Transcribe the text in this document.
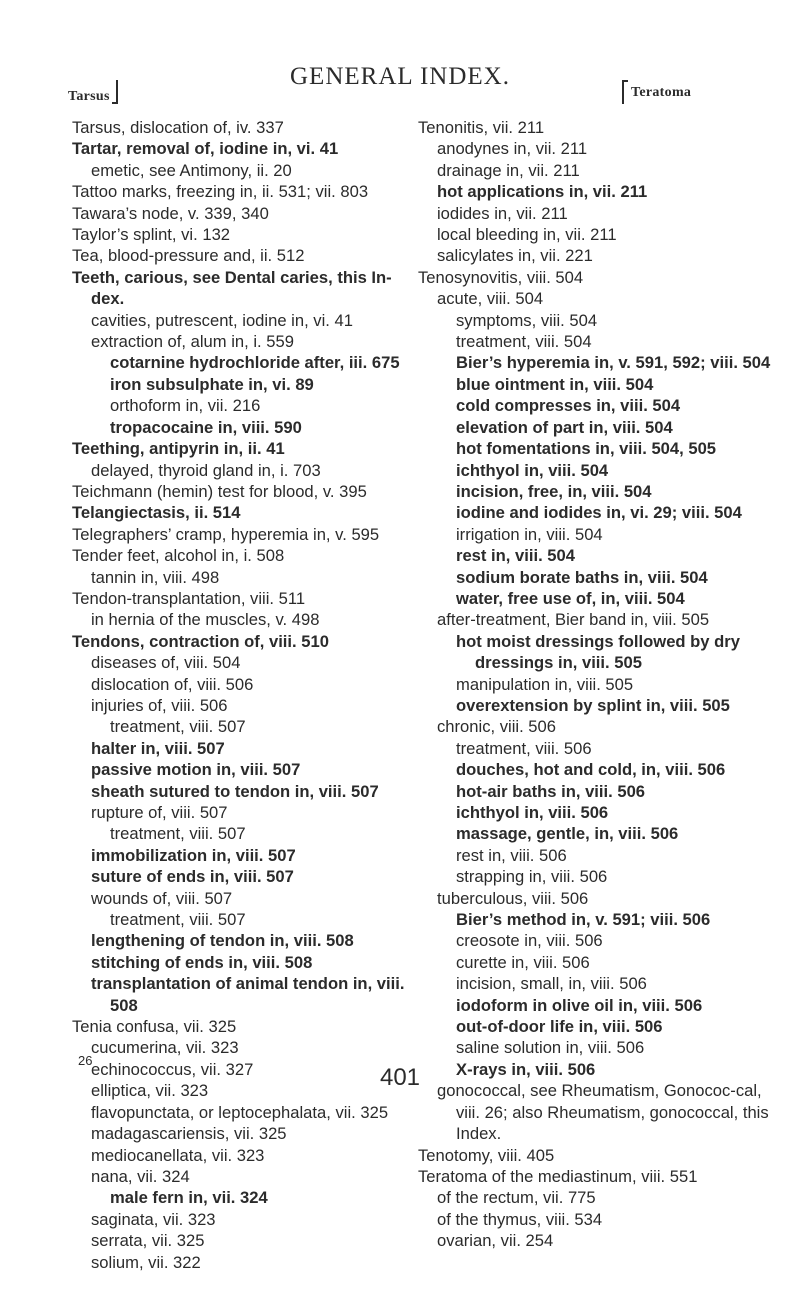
Tarsus
GENERAL INDEX.
Teratoma

Tarsus, dislocation of, iv. 337

Tartar, removal of, iodine in, vi. 41

emetic, see Antimony, ii. 20

Tattoo marks, freezing in, ii. 531; vii. 803

Tawara’s node, v. 339, 340

Taylor’s splint, vi. 132

Tea, blood-pressure and, ii. 512

Teeth, carious, see Dental caries, this In-dex.

cavities, putrescent, iodine in, vi. 41

extraction of, alum in, i. 559

cotarnine hydrochloride after, iii. 675

iron subsulphate in, vi. 89

orthoform in, vii. 216

tropacocaine in, viii. 590

Teething, antipyrin in, ii. 41

delayed, thyroid gland in, i. 703

Teichmann (hemin) test for blood, v. 395

Telangiectasis, ii. 514

Telegraphers’ cramp, hyperemia in, v. 595

Tender feet, alcohol in, i. 508

tannin in, viii. 498

Tendon-transplantation, viii. 511

in hernia of the muscles, v. 498

Tendons, contraction of, viii. 510

diseases of, viii. 504

dislocation of, viii. 506

injuries of, viii. 506

treatment, viii. 507

halter in, viii. 507

passive motion in, viii. 507

sheath sutured to tendon in, viii. 507

rupture of, viii. 507

treatment, viii. 507

immobilization in, viii. 507

suture of ends in, viii. 507

wounds of, viii. 507

treatment, viii. 507

lengthening of tendon in, viii. 508

stitching of ends in, viii. 508

transplantation of animal tendon in, viii. 508

Tenia confusa, vii. 325

cucumerina, vii. 323

echinococcus, vii. 327

elliptica, vii. 323

flavopunctata, or leptocephalata, vii. 325

madagascariensis, vii. 325

mediocanellata, vii. 323

nana, vii. 324

male fern in, vii. 324

saginata, vii. 323

serrata, vii. 325

solium, vii. 322

Tenonitis, vii. 211

anodynes in, vii. 211

drainage in, vii. 211

hot applications in, vii. 211

iodides in, vii. 211

local bleeding in, vii. 211

salicylates in, vii. 221

Tenosynovitis, viii. 504

acute, viii. 504

symptoms, viii. 504

treatment, viii. 504

Bier’s hyperemia in, v. 591, 592; viii. 504

blue ointment in, viii. 504

cold compresses in, viii. 504

elevation of part in, viii. 504

hot fomentations in, viii. 504, 505

ichthyol in, viii. 504

incision, free, in, viii. 504

iodine and iodides in, vi. 29; viii. 504

irrigation in, viii. 504

rest in, viii. 504

sodium borate baths in, viii. 504

water, free use of, in, viii. 504

after-treatment, Bier band in, viii. 505

hot moist dressings followed by dry dressings in, viii. 505

manipulation in, viii. 505

overextension by splint in, viii. 505

chronic, viii. 506

treatment, viii. 506

douches, hot and cold, in, viii. 506

hot-air baths in, viii. 506

ichthyol in, viii. 506

massage, gentle, in, viii. 506

rest in, viii. 506

strapping in, viii. 506

tuberculous, viii. 506

Bier’s method in, v. 591; viii. 506

creosote in, viii. 506

curette in, viii. 506

incision, small, in, viii. 506

iodoform in olive oil in, viii. 506

out-of-door life in, viii. 506

saline solution in, viii. 506

X-rays in, viii. 506

gonococcal, see Rheumatism, Gonococ-cal, viii. 26; also Rheumatism, gonococcal, this Index.

Tenotomy, viii. 405

Teratoma of the mediastinum, viii. 551

of the rectum, vii. 775

of the thymus, viii. 534

ovarian, vii. 254

26
401
